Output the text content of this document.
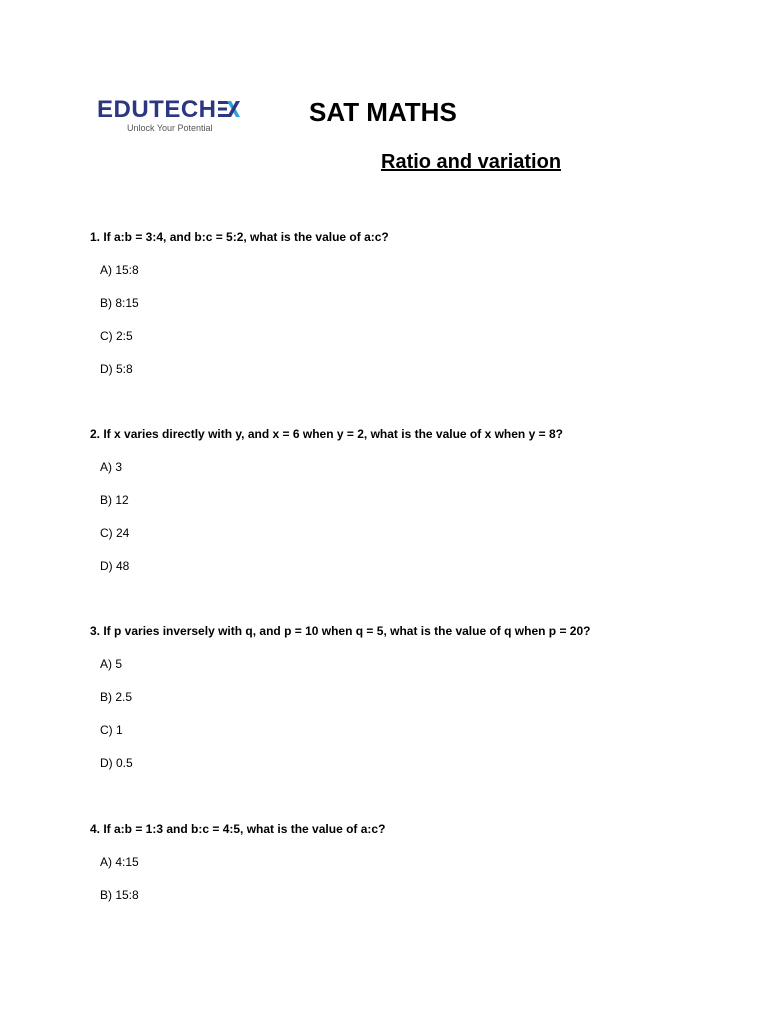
EDUTECH
Unlock Your Potential
SAT MATHS
Ratio and variation
1. If a:b = 3:4, and b:c = 5:2, what is the value of a:c?
A) 15:8
B) 8:15
C) 2:5
D) 5:8
2. If x varies directly with y, and x = 6 when y = 2, what is the value of x when y = 8?
A) 3
B) 12
C) 24
D) 48
3. If p varies inversely with q, and p = 10 when q = 5, what is the value of q when p = 20?
A) 5
B) 2.5
C) 1
D) 0.5
4. If a:b = 1:3 and b:c = 4:5, what is the value of a:c?
A) 4:15
B) 15:8
